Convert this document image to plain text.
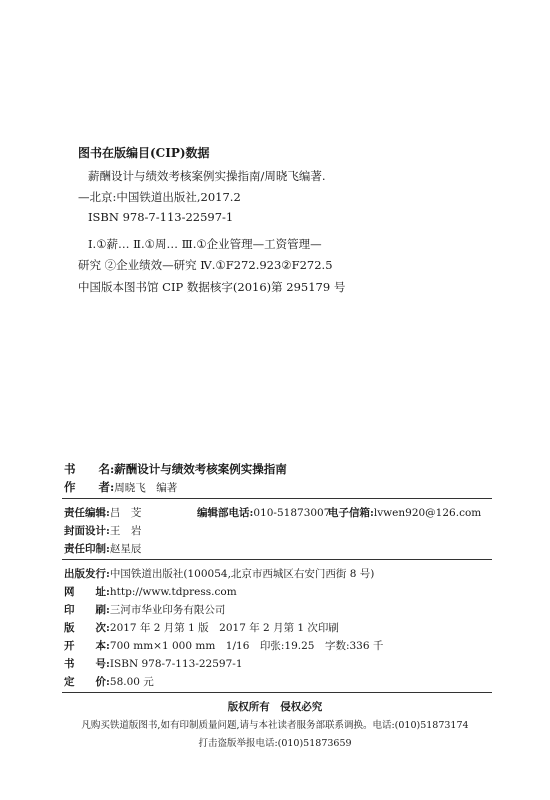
图书在版编目(CIP)数据
薪酬设计与绩效考核案例实操指南/周晓飞编著.
—北京:中国铁道出版社,2017.2
ISBN 978-7-113-22597-1
Ⅰ.①薪… Ⅱ.①周… Ⅲ.①企业管理—工资管理—
研究 ②企业绩效—研究 Ⅳ.①F272.923②F272.5
中国版本图书馆 CIP 数据核字(2016)第 295179 号
书　　名:薪酬设计与绩效考核案例实操指南
作　　者:周晓飞　编著
责任编辑:吕　芠	编辑部电话:010-51873007
电子信箱:lvwen920@126.com
封面设计:王　岩
责任印制:赵星辰
出版发行:中国铁道出版社(100054,北京市西城区右安门西街 8 号)
网　　址:http://www.tdpress.com
印　　刷:三河市华业印务有限公司
版　　次:2017 年 2 月第 1 版　2017 年 2 月第 1 次印刷
开　　本:700 mm×1 000 mm　1/16　印张:19.25　字数:336 千
书　　号:ISBN 978-7-113-22597-1
定　　价:58.00 元
版权所有　侵权必究
凡购买铁道版图书,如有印制质量问题,请与本社读者服务部联系调换。电话:(010)51873174
打击盗版举报电话:(010)51873659
